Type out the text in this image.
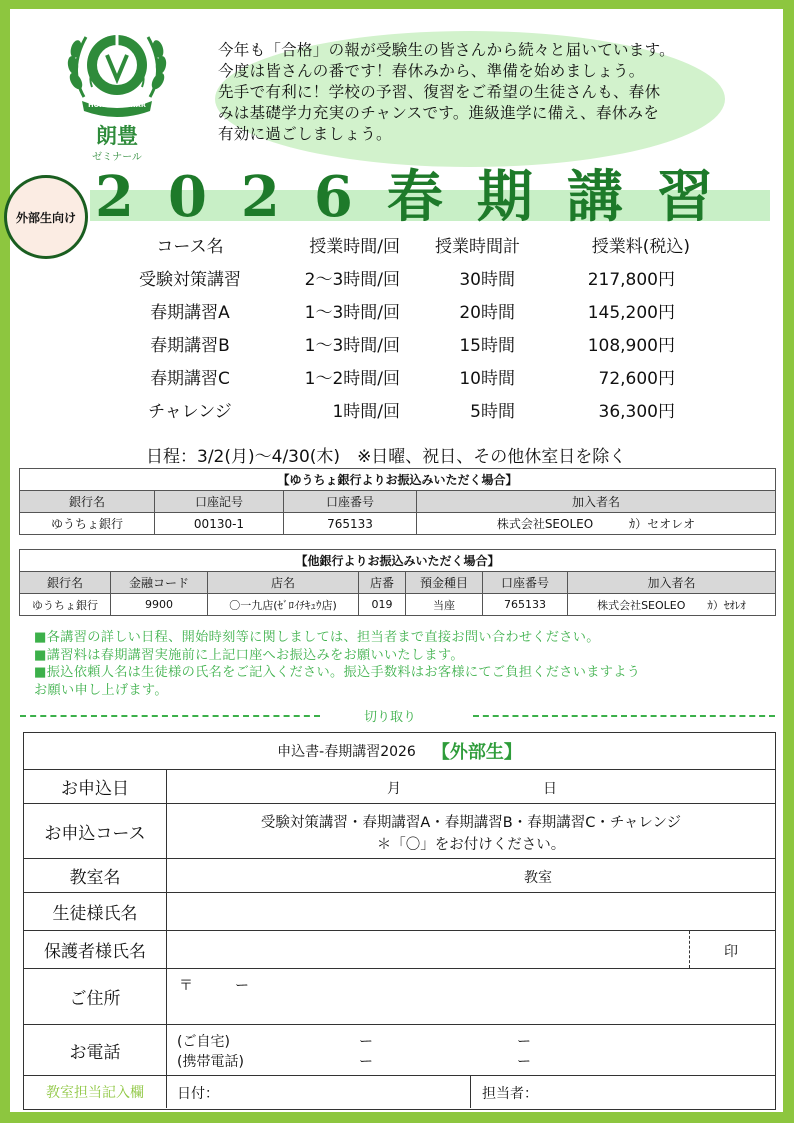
HOHO SEMINAR
朗豊
ゼミナール
今年も「合格」の報が受験生の皆さんから続々と届いています。
今度は皆さんの番です！春休みから、準備を始めましょう。
先手で有利に！学校の予習、復習をご希望の生徒さんも、春休
みは基礎学力充実のチャンスです。進級進学に備え、春休みを
有効に過ごしましょう。
2026春期講習
外部生向け
コース名	授業時間/回	授業時間計	授業料(税込)
受験対策講習	2～3時間/回	30時間	217,800円
春期講習A	1～3時間/回	20時間	145,200円
春期講習B	1～3時間/回	15時間	108,900円
春期講習C	1～2時間/回	10時間	72,600円
チャレンジ	1時間/回	5時間	36,300円
日程：3/2(月)～4/30(木)　※日曜、祝日、その他休室日を除く
【ゆうちょ銀行よりお振込みいただく場合】			
銀行名	口座記号	口座番号	加入者名
ゆうちょ銀行	00130-1	765133	株式会社SEOLEO　　　ｶ）セオレオ
【他銀行よりお振込みいただく場合】						
銀行名	金融コード	店名	店番	預金種目	口座番号	加入者名
ゆうちょ銀行	9900	〇一九店(ｾﾞﾛｲﾁｷｭｳ店)	019	当座	765133	株式会社SEOLEO　　ｶ）ｾｵﾚｵ
■各講習の詳しい日程、開始時刻等に関しましては、担当者まで直接お問い合わせください。
■講習料は春期講習実施前に上記口座へお振込みをお願いいたします。
■振込依頼人名は生徒様の氏名をご記入ください。振込手数料はお客様にてご負担くださいますよう
お願い申し上げます。
切り取り
申込書-春期講習2026 【外部生】
お申込日	月	日
お申込コース
受験対策講習・春期講習A・春期講習B・春期講習C・チャレンジ
＊「〇」をお付けください。
教室名	教室
生徒様氏名
保護者様氏名	印
ご住所
〒　　　ー
お電話
(ご自宅)	ー	ー
(携帯電話)	ー	ー
教室担当記入欄	日付：	担当者：
